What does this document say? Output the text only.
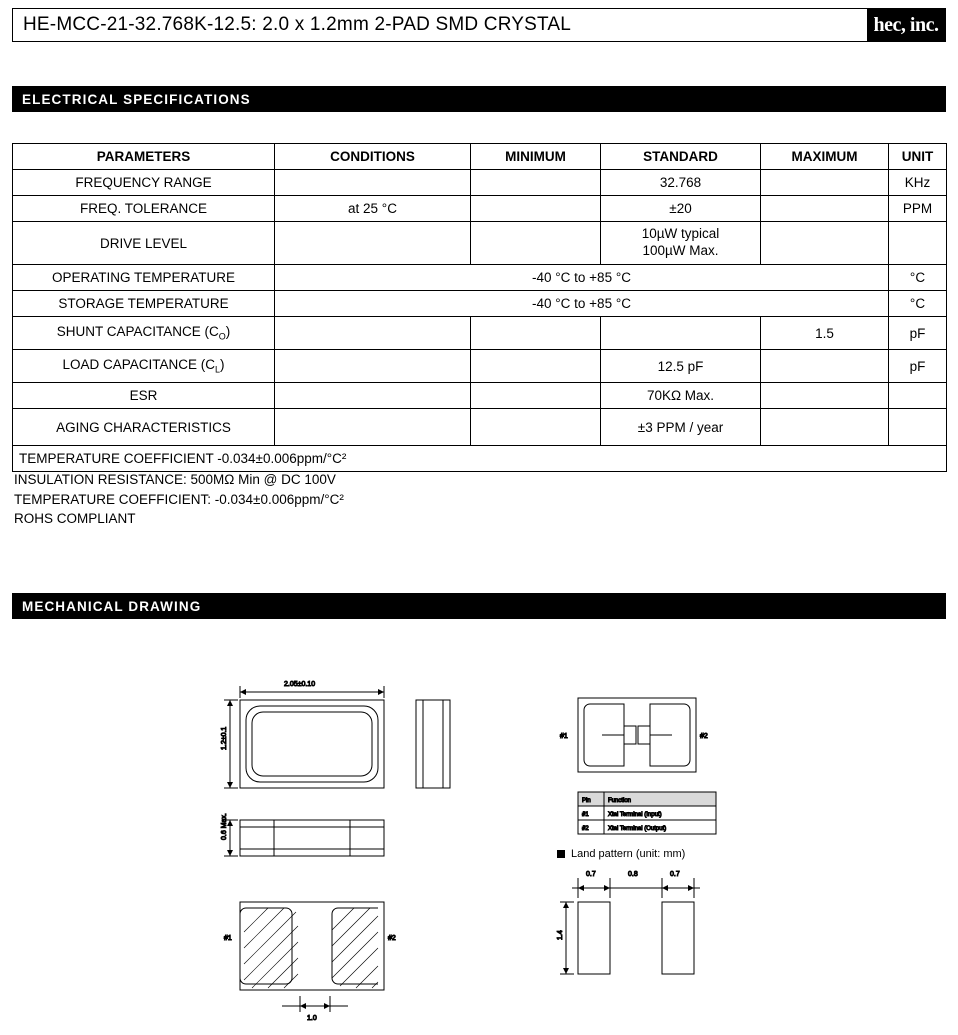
HE-MCC-21-32.768K-12.5: 2.0 x 1.2mm 2-PAD SMD CRYSTAL	hec, inc.
ELECTRICAL SPECIFICATIONS
PARAMETERS	CONDITIONS	MINIMUM	STANDARD	MAXIMUM	UNIT
FREQUENCY RANGE			32.768		KHz
FREQ. TOLERANCE	at 25 °C		±20		PPM
DRIVE LEVEL			10µW typical
100µW Max.		

OPERATING TEMPERATURE	-40 °C to +85 °C				°C
STORAGE TEMPERATURE	-40 °C to +85 °C				°C
SHUNT CAPACITANCE $(C_O)$				1.5	pF
LOAD CAPACITANCE $(C_L)$			12.5 pF		pF
ESR			70KΩ Max.		
AGING CHARACTERISTICS			±3 PPM / year		
TEMPERATURE COEFFICIENT -0.034±0.006ppm/°C²					
INSULATION RESISTANCE: 500MΩ Min @ DC 100V
TEMPERATURE COEFFICIENT: -0.034±0.006ppm/°C²
ROHS COMPLIANT
MECHANICAL DRAWING
2.05±0.10
1.2±0.1
0.6 Max.
#1	#2
1.0
#1	#2
Pin	Function
#1	Xtal Terminal (Input)
#2	Xtal Terminal (Output)
0.7	0.8	0.7
1.4
Land pattern (unit: mm)
